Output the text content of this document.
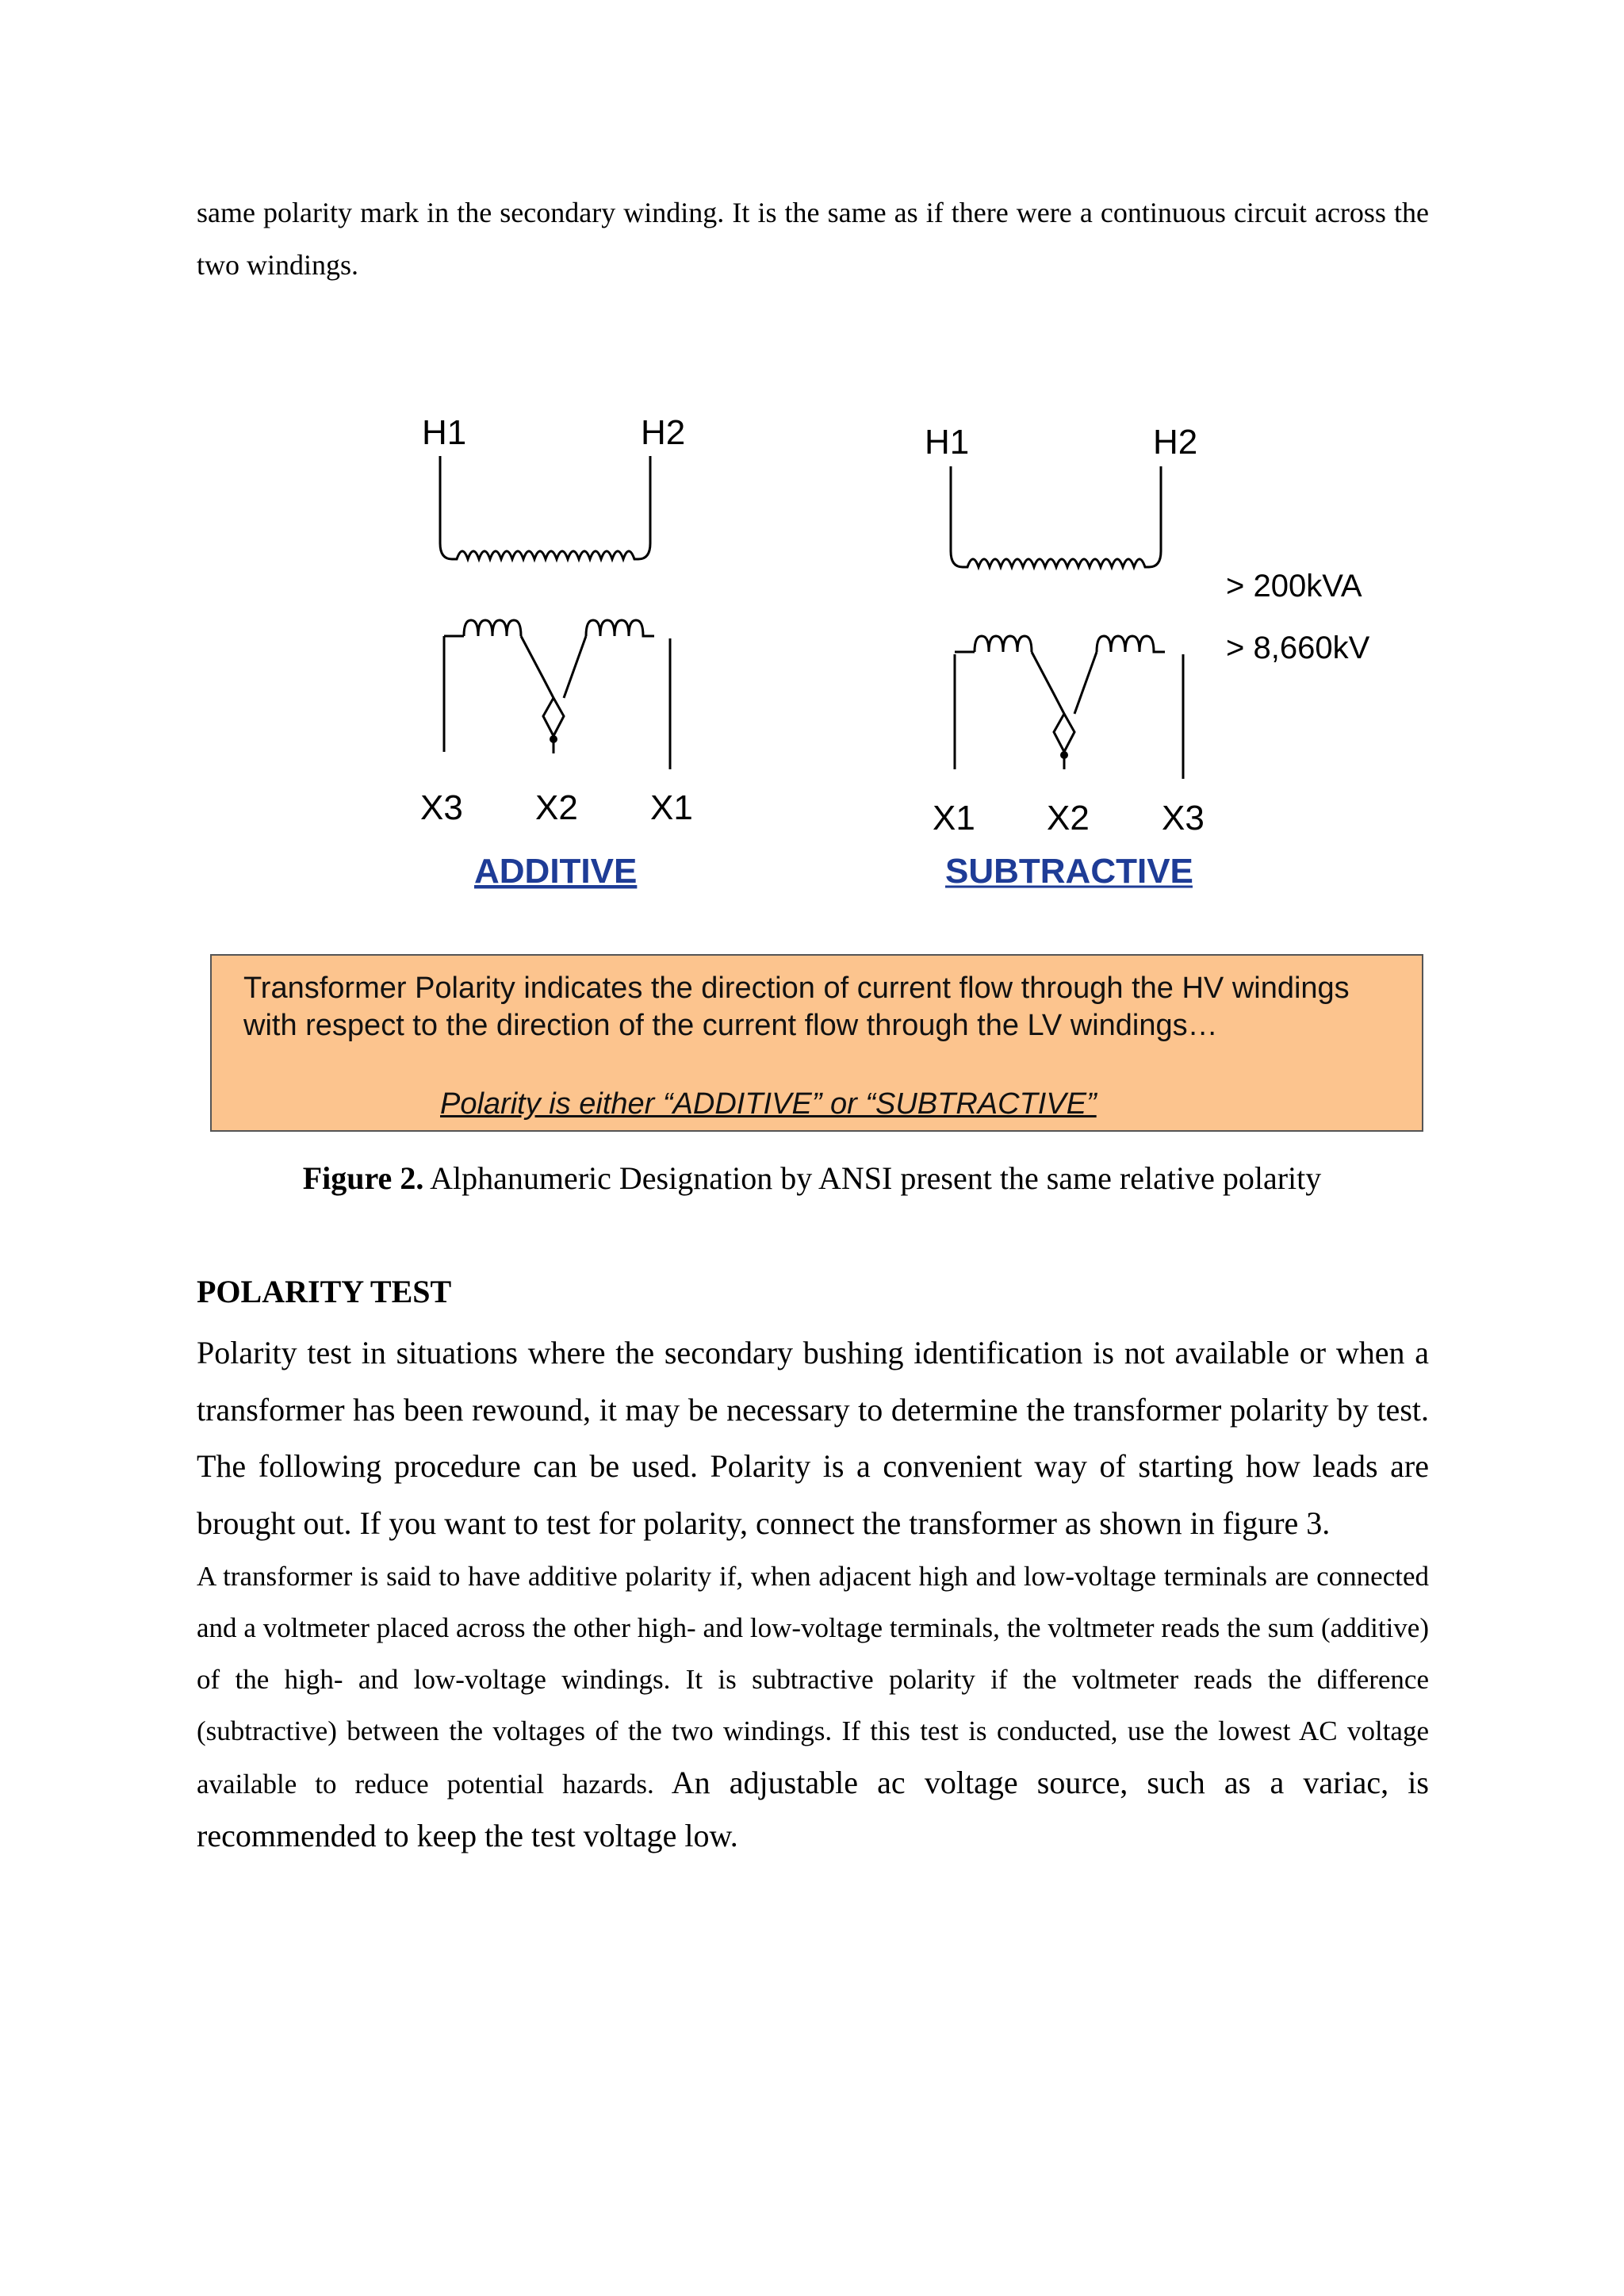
same polarity mark in the secondary winding. It is the same as if there were a continuous circuit across the two windings.

H1	H2
X3 X2 X1
ADDITIVE
H1	H2
X1 X2 X3
SUBTRACTIVE
> 200kVA
> 8,660kV
Transformer Polarity indicates the direction of current flow through the HV windings
with respect to the direction of the current flow through the LV windings…
Polarity is either “ADDITIVE” or “SUBTRACTIVE”
Figure 2. Alphanumeric Designation by ANSI present the same relative polarity
POLARITY TEST

Polarity test in situations where the secondary bushing identification is not available or when a transformer has been rewound, it may be necessary to determine the transformer polarity by test. The following procedure can be used. Polarity is a convenient way of starting how leads are brought out. If you want to test for polarity, connect the transformer as shown in figure 3.

A transformer is said to have additive polarity if, when adjacent high and low-voltage terminals are connected and a voltmeter placed across the other high- and low-voltage terminals, the voltmeter reads the sum (additive) of the high- and low-voltage windings. It is subtractive polarity if the voltmeter reads the difference (subtractive) between the voltages of the two windings. If this test is conducted, use the lowest AC voltage available to reduce potential hazards. An adjustable ac voltage source, such as a variac, is recommended to keep the test voltage low.
